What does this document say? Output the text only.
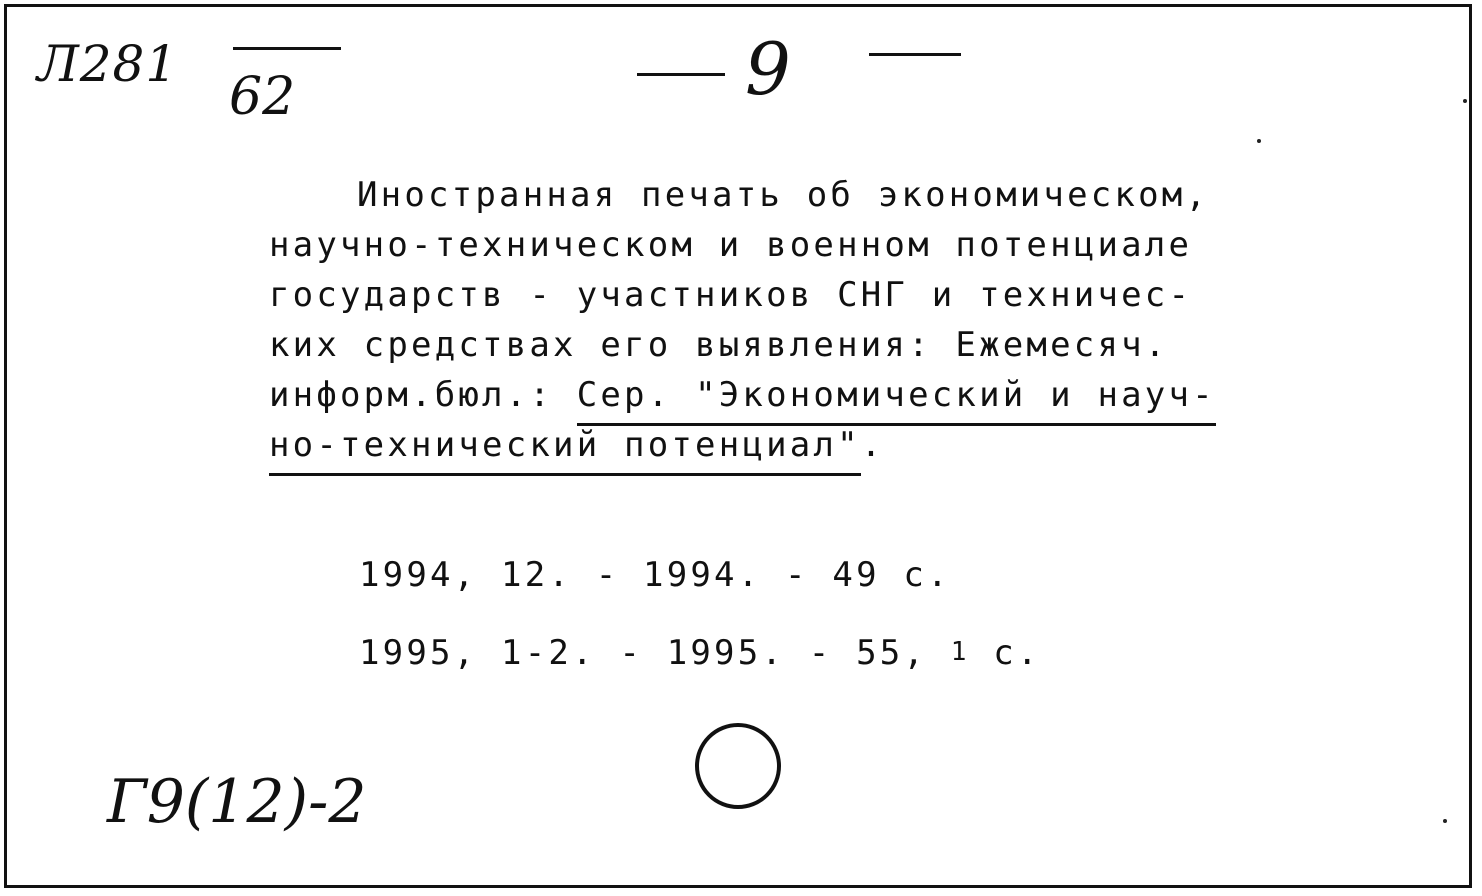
Л281
62	9
Иностранная печать об экономическом,
научно-техническом и военном потенциале
государств - участников СНГ и техничес-
ких средствах его выявления: Ежемесяч.
информ.бюл.: Сер. "Экономический и науч-
но-технический потенциал".
1994, 12. - 1994. - 49 с.
1995, 1-2. - 1995. - 55, 1 с.
Г9(12)-2
